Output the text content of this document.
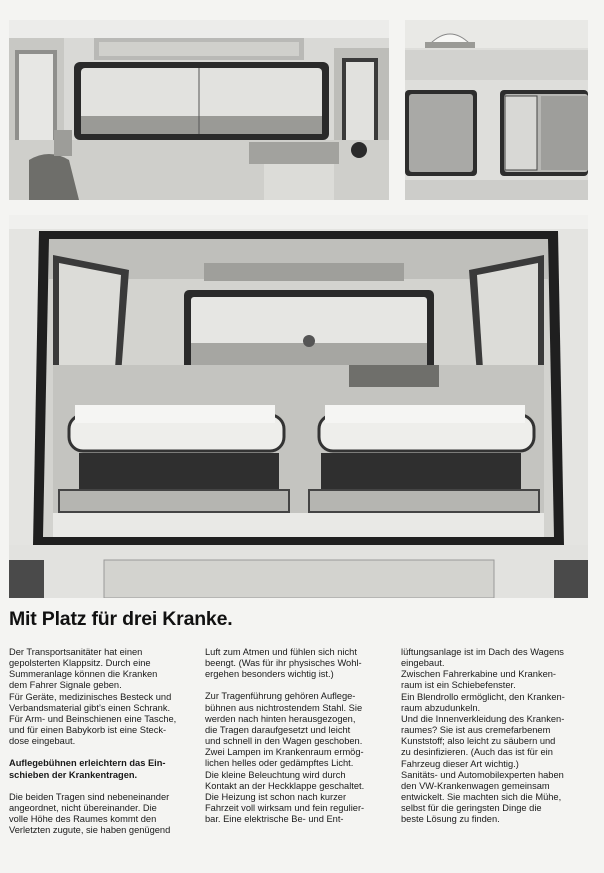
Mit Platz für drei Kranke.

Der Transportsanitäter hat einen

gepolsterten Klappsitz. Durch eine

Summeranlage können die Kranken

dem Fahrer Signale geben.

Für Geräte, medizinisches Besteck und

Verbandsmaterial gibt’s einen Schrank.

Für Arm- und Beinschienen eine Tasche,

und für einen Babykorb ist eine Steck-

dose eingebaut.

Auflegebühnen erleichtern das Ein-

schieben der Krankentragen.

Die beiden Tragen sind nebeneinander

angeordnet, nicht übereinander. Die

volle Höhe des Raumes kommt den

Verletzten zugute, sie haben genügend

Luft zum Atmen und fühlen sich nicht

beengt. (Was für ihr physisches Wohl-

ergehen besonders wichtig ist.)

Zur Tragenführung gehören Auflege-

bühnen aus nichtrostendem Stahl. Sie

werden nach hinten herausgezogen,

die Tragen daraufgesetzt und leicht

und schnell in den Wagen geschoben.

Zwei Lampen im Krankenraum ermög-

lichen helles oder gedämpftes Licht.

Die kleine Beleuchtung wird durch

Kontakt an der Heckklappe geschaltet.

Die Heizung ist schon nach kurzer

Fahrzeit voll wirksam und fein regulier-

bar. Eine elektrische Be- und Ent-

lüftungsanlage ist im Dach des Wagens

eingebaut.

Zwischen Fahrerkabine und Kranken-

raum ist ein Schiebefenster.

Ein Blendrollo ermöglicht, den Kranken-

raum abzudunkeln.

Und die Innenverkleidung des Kranken-

raumes? Sie ist aus cremefarbenem

Kunststoff; also leicht zu säubern und

zu desinfizieren. (Auch das ist für ein

Fahrzeug dieser Art wichtig.)

Sanitäts- und Automobilexperten haben

den VW-Krankenwagen gemeinsam

entwickelt. Sie machten sich die Mühe,

selbst für die geringsten Dinge die

beste Lösung zu finden.
